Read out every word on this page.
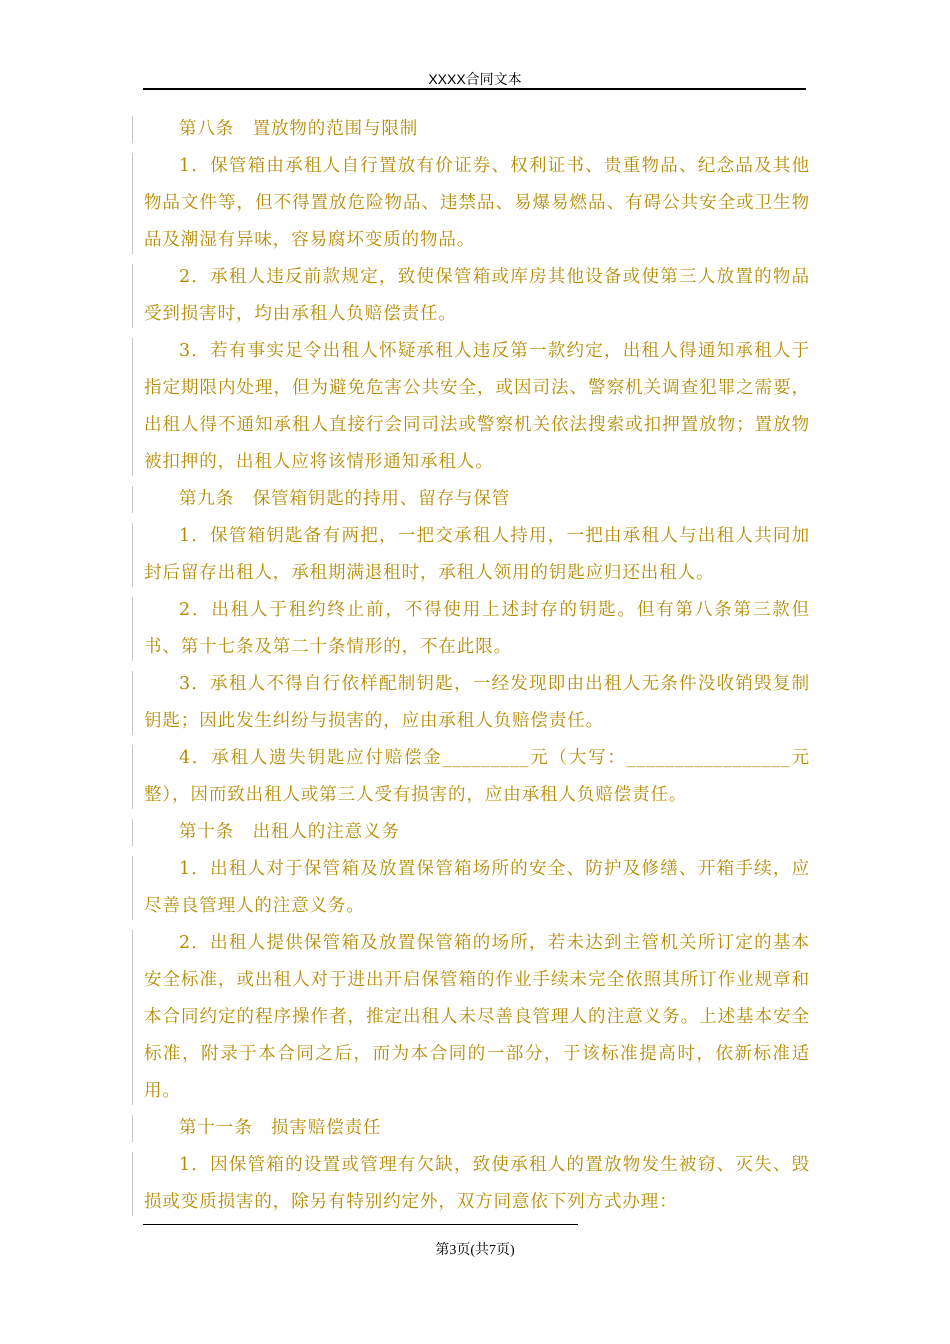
XXXX合同文本

第八条　置放物的范围与限制

1．保管箱由承租人自行置放有价证券、权利证书、贵重物品、纪念品及其他物品文件等，但不得置放危险物品、违禁品、易爆易燃品、有碍公共安全或卫生物品及潮湿有异味，容易腐坏变质的物品。

2．承租人违反前款规定，致使保管箱或库房其他设备或使第三人放置的物品受到损害时，均由承租人负赔偿责任。

3．若有事实足令出租人怀疑承租人违反第一款约定，出租人得通知承租人于指定期限内处理，但为避免危害公共安全，或因司法、警察机关调查犯罪之需要，出租人得不通知承租人直接行会同司法或警察机关依法搜索或扣押置放物；置放物被扣押的，出租人应将该情形通知承租人。

第九条　保管箱钥匙的持用、留存与保管

1．保管箱钥匙备有两把，一把交承租人持用，一把由承租人与出租人共同加封后留存出租人，承租期满退租时，承租人领用的钥匙应归还出租人。

2．出租人于租约终止前，不得使用上述封存的钥匙。但有第八条第三款但书、第十七条及第二十条情形的，不在此限。

3．承租人不得自行依样配制钥匙，一经发现即由出租人无条件没收销毁复制钥匙；因此发生纠纷与损害的，应由承租人负赔偿责任。

4．承租人遗失钥匙应付赔偿金_________元（大写：_________________元整），因而致出租人或第三人受有损害的，应由承租人负赔偿责任。

第十条　出租人的注意义务

1．出租人对于保管箱及放置保管箱场所的安全、防护及修缮、开箱手续，应尽善良管理人的注意义务。

2．出租人提供保管箱及放置保管箱的场所，若未达到主管机关所订定的基本安全标准，或出租人对于进出开启保管箱的作业手续未完全依照其所订作业规章和本合同约定的程序操作者，推定出租人未尽善良管理人的注意义务。上述基本安全标准，附录于本合同之后，而为本合同的一部分，于该标准提高时，依新标准适用。

第十一条　损害赔偿责任

1．因保管箱的设置或管理有欠缺，致使承租人的置放物发生被窃、灭失、毁损或变质损害的，除另有特别约定外，双方同意依下列方式办理：

第3页(共7页)
